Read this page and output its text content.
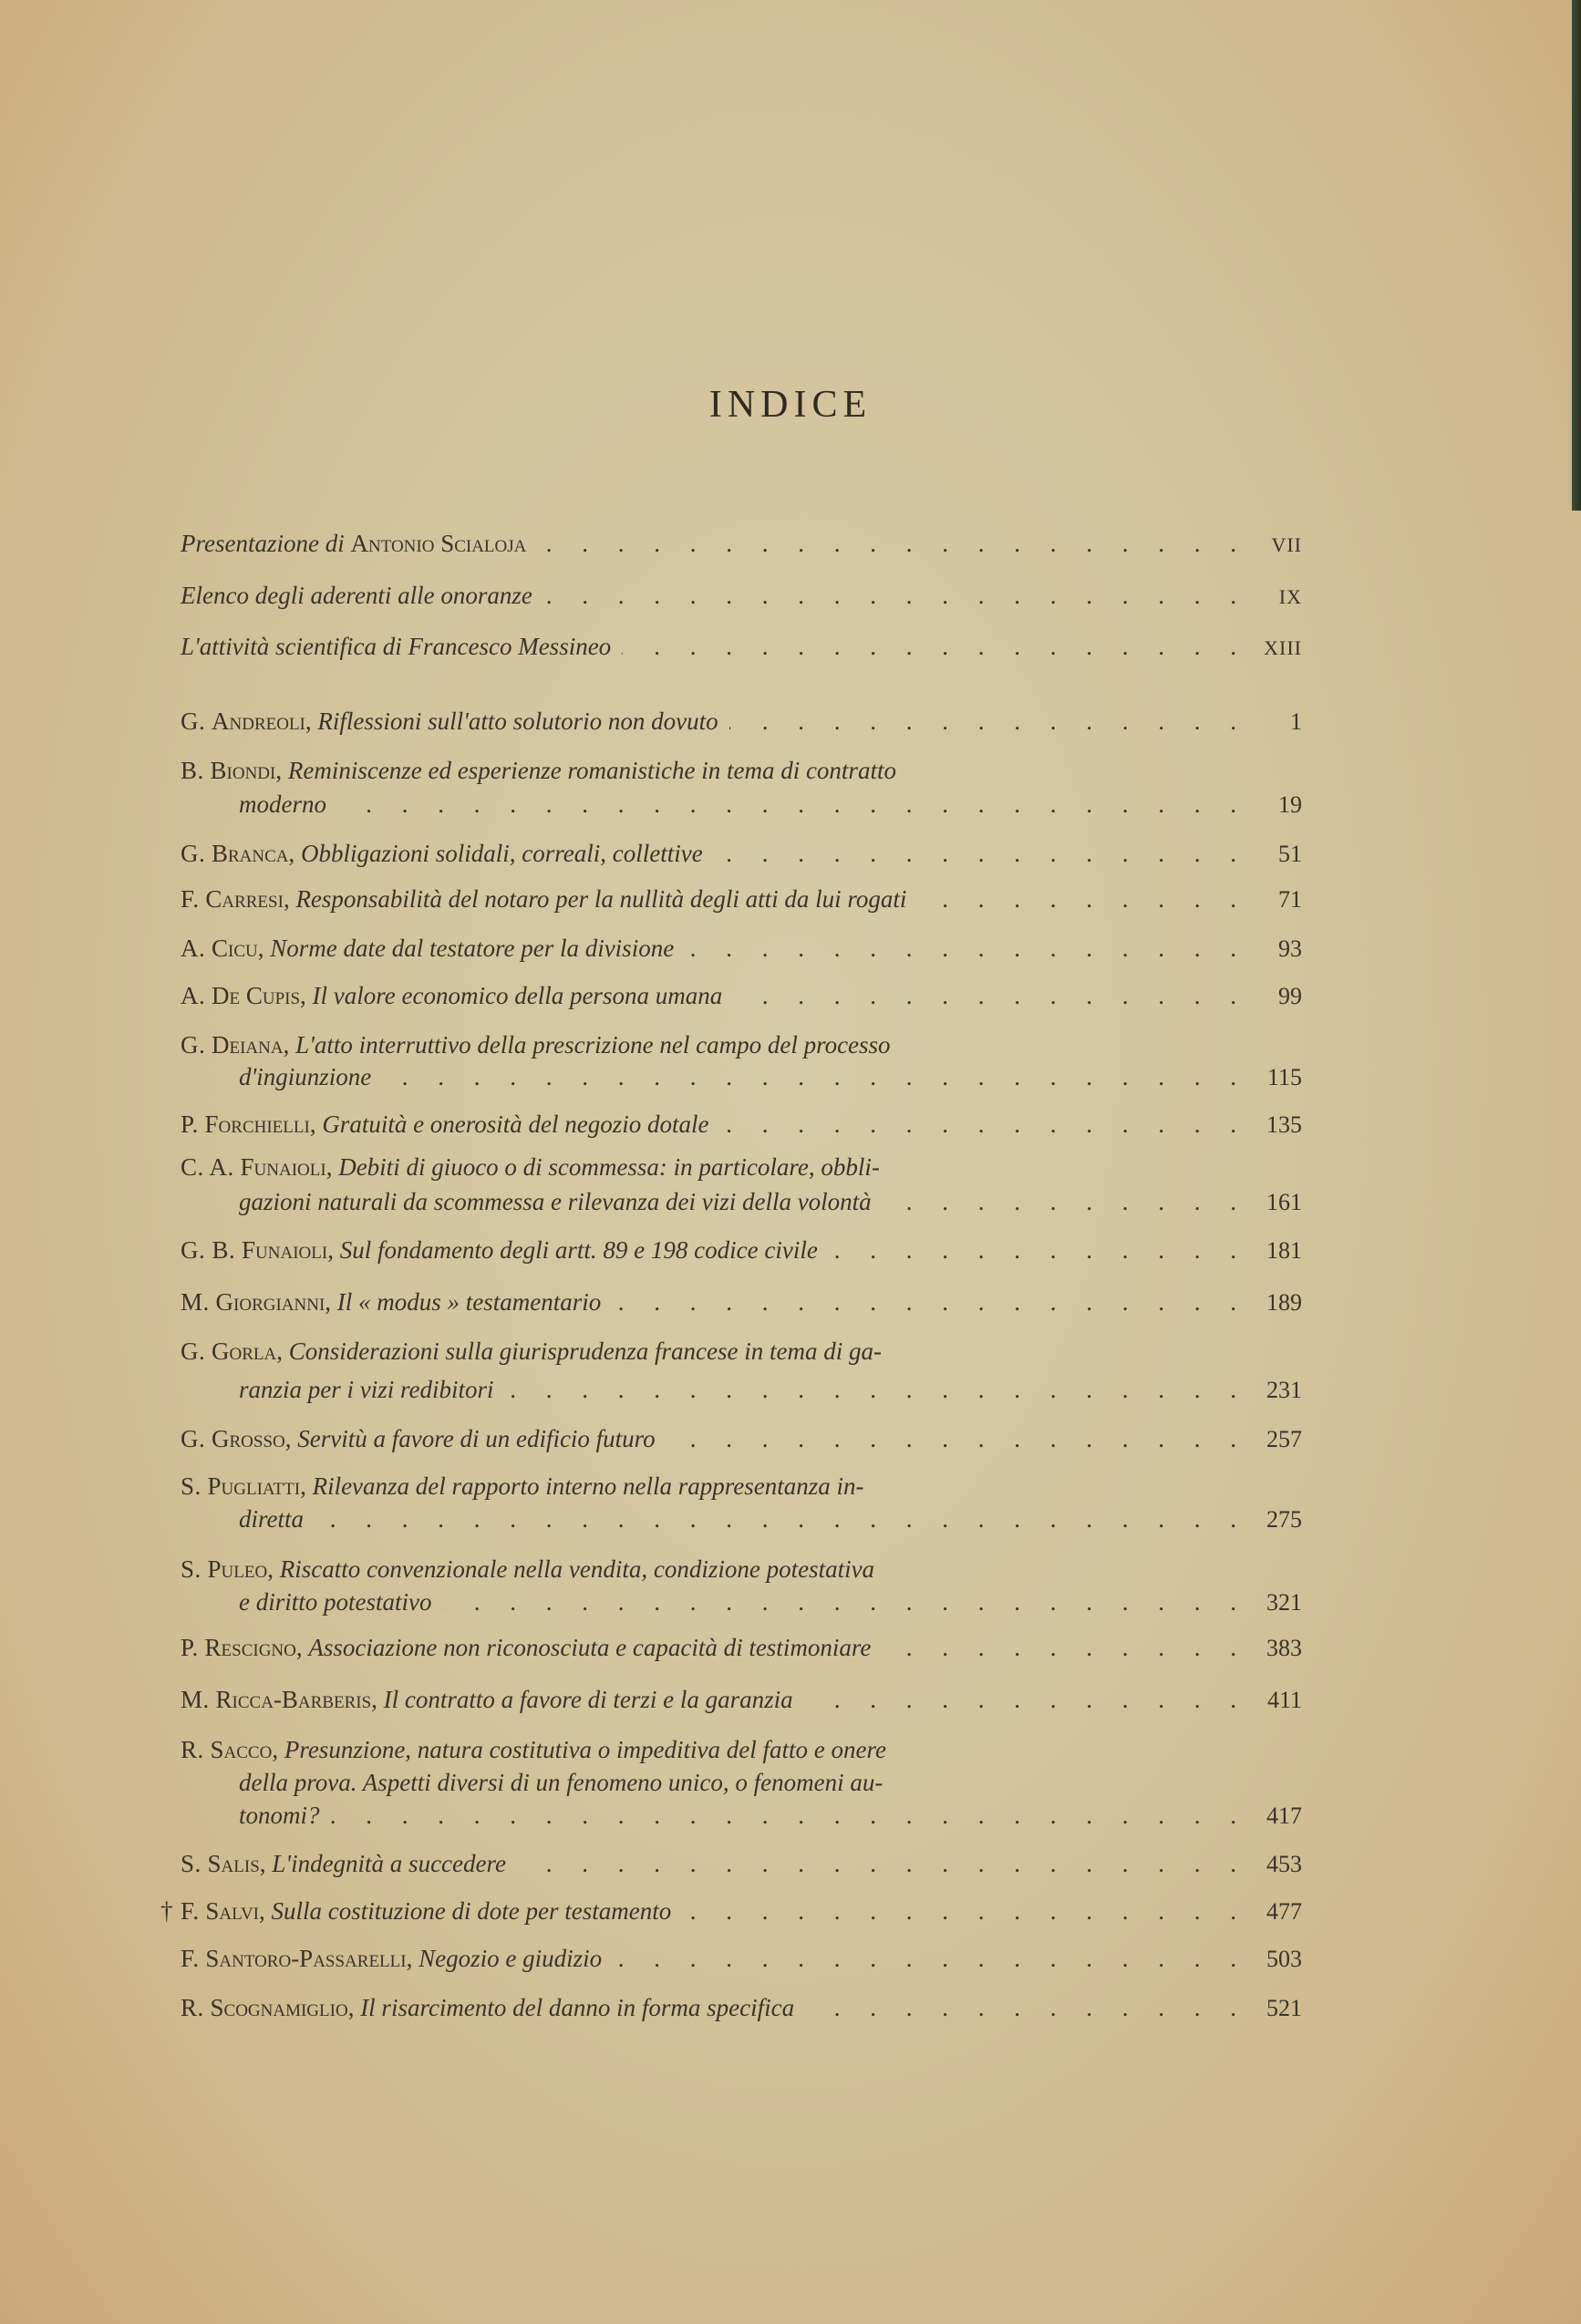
INDICE
Presentazione di Antonio Scialoja . . .	VII
Elenco degli aderenti alle onoranze . . .	IX
L'attività scientifica di Francesco Messineo . . .	XIII
G. Andreoli, Riflessioni sull'atto solutorio non dovuto . . .	1
B. Biondi, Reminiscenze ed esperienze romanistiche in tema di contratto
moderno . . .	19
G. Branca, Obbligazioni solidali, correali, collettive . . .	51
F. Carresi, Responsabilità del notaro per la nullità degli atti da lui rogati . . .	71
A. Cicu, Norme date dal testatore per la divisione . . .	93
A. De Cupis, Il valore economico della persona umana . . .	99
G. Deiana, L'atto interruttivo della prescrizione nel campo del processo
d'ingiunzione . . .	115
P. Forchielli, Gratuità e onerosità del negozio dotale . . .	135
C. A. Funaioli, Debiti di giuoco o di scommessa: in particolare, obbli-
gazioni naturali da scommessa e rilevanza dei vizi della volontà . . .	161
G. B. Funaioli, Sul fondamento degli artt. 89 e 198 codice civile . . .	181
M. Giorgianni, Il « modus » testamentario . . .	189
G. Gorla, Considerazioni sulla giurisprudenza francese in tema di ga-
ranzia per i vizi redibitori . . .	231
G. Grosso, Servitù a favore di un edificio futuro . . .	257
S. Pugliatti, Rilevanza del rapporto interno nella rappresentanza in-
diretta . . .	275
S. Puleo, Riscatto convenzionale nella vendita, condizione potestativa
e diritto potestativo . . .	321
P. Rescigno, Associazione non riconosciuta e capacità di testimoniare . . .	383
M. Ricca-Barberis, Il contratto a favore di terzi e la garanzia . . .	411
R. Sacco, Presunzione, natura costitutiva o impeditiva del fatto e onere
della prova. Aspetti diversi di un fenomeno unico, o fenomeni au-
tonomi? . . .	417
S. Salis, L'indegnità a succedere . . .	453
† F. Salvi, Sulla costituzione di dote per testamento . . .	477
F. Santoro-Passarelli, Negozio e giudizio . . .	503
R. Scognamiglio, Il risarcimento del danno in forma specifica . . .	521
